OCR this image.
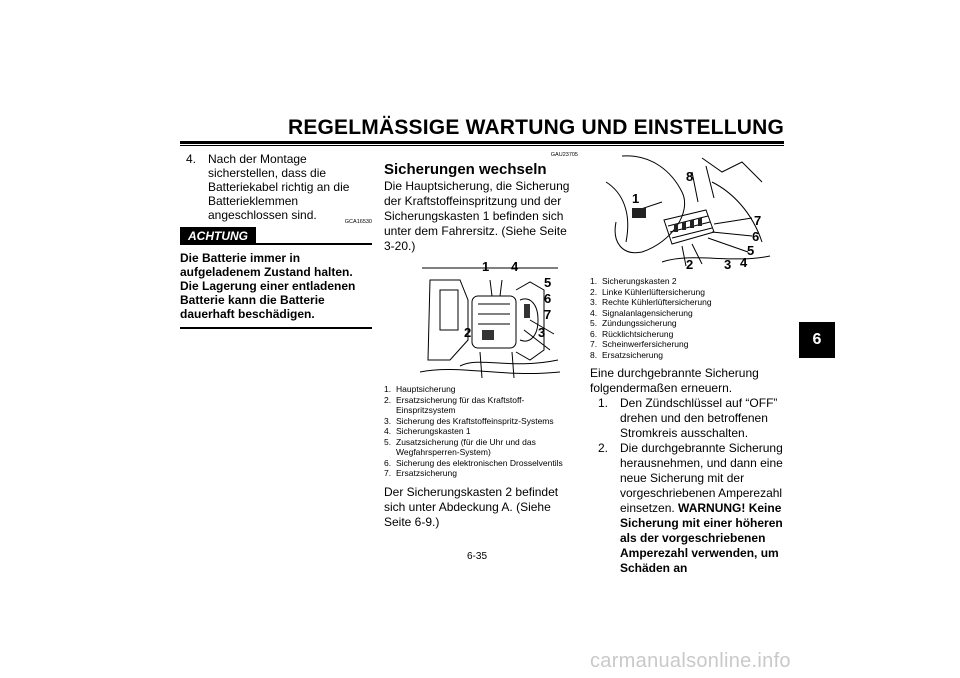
REGELMÄSSIGE WARTUNG UND EINSTELLUNG
6
4. Nach der Montage sicherstellen, dass die Batteriekabel richtig an die Batterieklemmen angeschlossen sind.
ACHTUNG
GCA16530
Die Batterie immer in aufgeladenem Zustand halten. Die Lagerung einer entladenen Batterie kann die Batterie dauerhaft beschädigen.
GAU23705
Sicherungen wechseln
Die Hauptsicherung, die Sicherung der Kraftstoffeinspritzung und der Sicherungskasten 1 befinden sich unter dem Fahrersitz. (Siehe Seite 3-20.)
1 4
5
6
7
2	3
1. Hauptsicherung
2. Ersatzsicherung für das Kraftstoff-Einspritzsystem
3. Sicherung des Kraftstoffeinspritz-Systems
4. Sicherungskasten 1
5. Zusatzsicherung (für die Uhr und das Wegfahrsperren-System)
6. Sicherung des elektronischen Drosselventils
7. Ersatzsicherung
Der Sicherungskasten 2 befindet sich unter Abdeckung A. (Siehe Seite 6-9.)
8
1
7
6
5
4
2 3
1. Sicherungskasten 2
2. Linke Kühlerlüftersicherung
3. Rechte Kühlerlüftersicherung
4. Signalanlagensicherung
5. Zündungssicherung
6. Rücklichtsicherung
7. Scheinwerfersicherung
8. Ersatzsicherung
Eine durchgebrannte Sicherung folgendermaßen erneuern.
1. Den Zündschlüssel auf “OFF” drehen und den betroffenen Stromkreis ausschalten.
2. Die durchgebrannte Sicherung herausnehmen, und dann eine neue Sicherung mit der vorgeschriebenen Amperezahl einsetzen. WARNUNG! Keine Sicherung mit einer höheren als der vorgeschriebenen Amperezahl verwenden, um Schäden an
6-35
carmanualsonline.info
